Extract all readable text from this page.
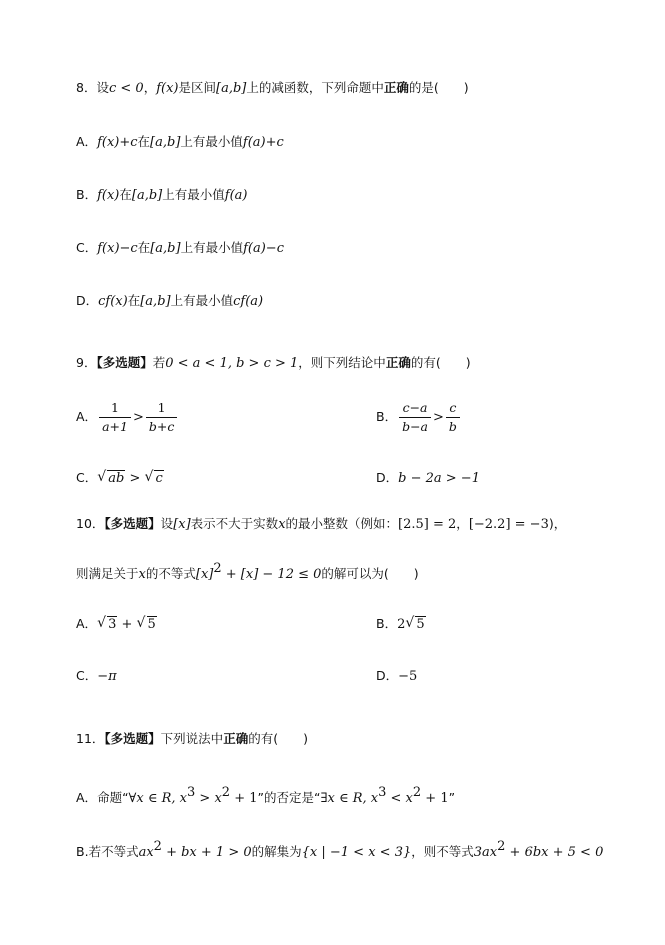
8．设c < 0，f(x)是区间[a,b]上的减函数，下列命题中正确的是(　　)
A．f(x)+c在[a,b]上有最小值f(a)+c
B．f(x)在[a,b]上有最小值f(a)
C．f(x)−c在[a,b]上有最小值f(a)−c
D．cf(x)在[a,b]上有最小值cf(a)
9．【多选题】若0 < a < 1, b > c > 1，则下列结论中正确的有(　　)
A． $\frac{1}{a+1} > \frac{1}{b+c}$	B． $\frac{c-a}{b-a} > \frac{c}{b}$
C． √ ab > √ c	D．b − 2a > −1
10．【多选题】设[x]表示不大于实数x的最小整数（例如：[2.5] = 2，[−2.2] = −3)，
则满足关于x的不等式$[x]^2 + [x] - 12 \le 0$的解可以为(　　)
A． √ 3 + √ 5	B．2 √ 5
C．−π	D．−5
11．【多选题】下列说法中正确的有(　　)
A．命题“∀x ∈ R, $x^3 > x^2 + 1$”的否定是“∃x ∈ R, $x^3 < x^2 + 1$”
B.若不等式$ax^2$ + bx + 1 > 0的解集为{x | −1 < x < 3}，则不等式$3ax^2 + 6bx + 5 < 0$
